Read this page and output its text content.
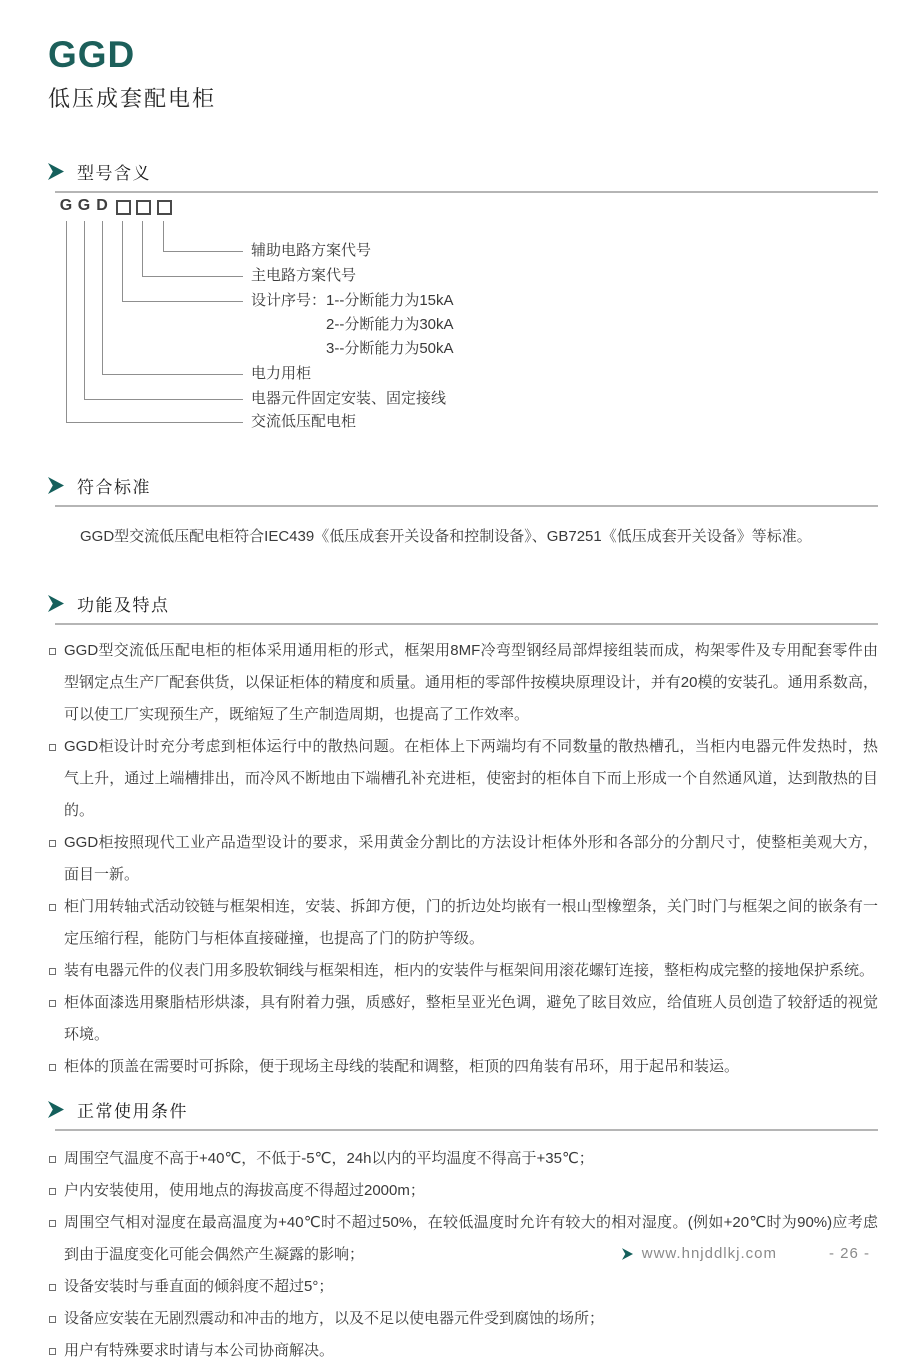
GGD
低压成套配电柜
型号含义
G G D
辅助电路方案代号
主电路方案代号
设计序号：1--分断能力为15kA
2--分断能力为30kA
3--分断能力为50kA
电力用柜
电器元件固定安装、固定接线
交流低压配电柜
符合标准
GGD型交流低压配电柜符合IEC439《低压成套开关设备和控制设备》、GB7251《低压成套开关设备》等标准。
功能及特点
GGD型交流低压配电柜的柜体采用通用柜的形式，框架用8MF冷弯型钢经局部焊接组装而成，构架零件及专用配套零件由型钢定点生产厂配套供货，以保证柜体的精度和质量。通用柜的零部件按模块原理设计，并有20模的安装孔。通用系数高，可以使工厂实现预生产，既缩短了生产制造周期，也提高了工作效率。
GGD柜设计时充分考虑到柜体运行中的散热问题。在柜体上下两端均有不同数量的散热槽孔，当柜内电器元件发热时，热气上升，通过上端槽排出，而冷风不断地由下端槽孔补充进柜，使密封的柜体自下而上形成一个自然通风道，达到散热的目的。
GGD柜按照现代工业产品造型设计的要求，采用黄金分割比的方法设计柜体外形和各部分的分割尺寸，使整柜美观大方，面目一新。
柜门用转轴式活动铰链与框架相连，安装、拆卸方便，门的折边处均嵌有一根山型橡塑条，关门时门与框架之间的嵌条有一定压缩行程，能防门与柜体直接碰撞，也提高了门的防护等级。
装有电器元件的仪表门用多股软铜线与框架相连，柜内的安装件与框架间用滚花螺钉连接，整柜构成完整的接地保护系统。
柜体面漆选用聚脂桔形烘漆，具有附着力强，质感好，整柜呈亚光色调，避免了眩目效应，给值班人员创造了较舒适的视觉环境。
柜体的顶盖在需要时可拆除，便于现场主母线的装配和调整，柜顶的四角装有吊环，用于起吊和装运。
正常使用条件
周围空气温度不高于+40℃，不低于-5℃，24h以内的平均温度不得高于+35℃；
户内安装使用，使用地点的海拔高度不得超过2000m；
周围空气相对湿度在最高温度为+40℃时不超过50%，在较低温度时允许有较大的相对湿度。(例如+20℃时为90%)应考虑到由于温度变化可能会偶然产生凝露的影响；
设备安装时与垂直面的倾斜度不超过5°；
设备应安装在无剧烈震动和冲击的地方，以及不足以使电器元件受到腐蚀的场所；
用户有特殊要求时请与本公司协商解决。
www.hnjddlkj.com	- 26 -
